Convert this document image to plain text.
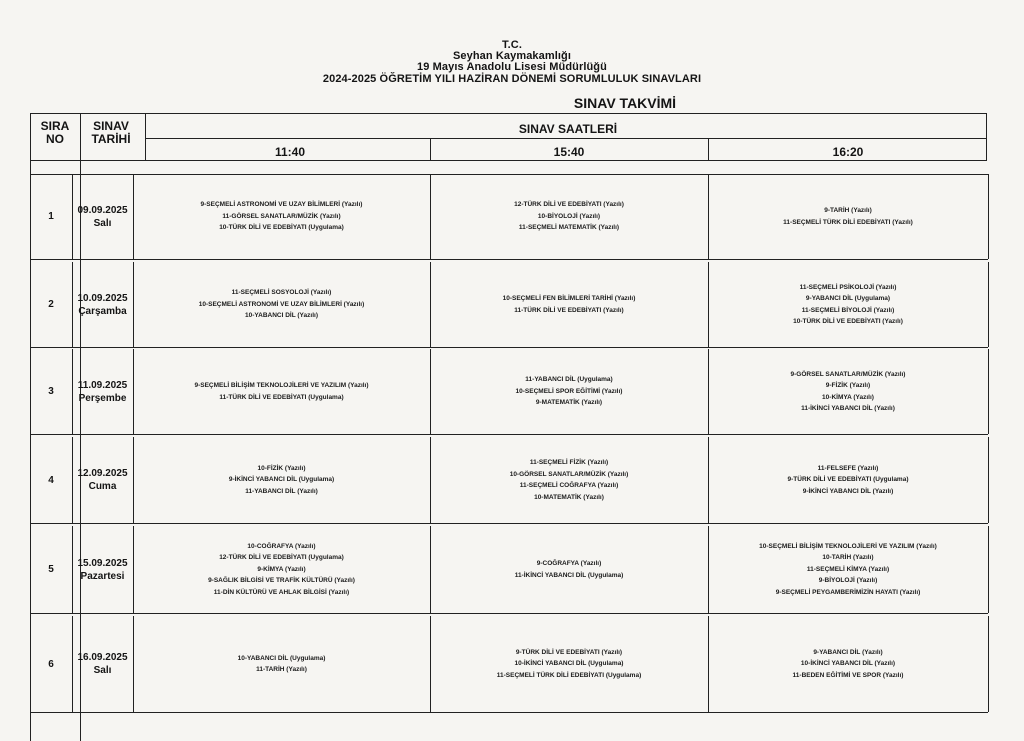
T.C.
Seyhan Kaymakamlığı
19 Mayıs Anadolu Lisesi Müdürlüğü
2024-2025 ÖĞRETİM YILI HAZİRAN DÖNEMİ SORUMLULUK SINAVLARI
SINAV TAKVİMİ
SIRA
NO
SINAV
TARİHİ
SINAV SAATLERİ
11:40	15:40	16:20
1
09.09.2025
Salı
9-SEÇMELİ ASTRONOMİ VE UZAY BİLİMLERİ (Yazılı)
11-GÖRSEL SANATLAR/MÜZİK (Yazılı)
10-TÜRK DİLİ VE EDEBİYATI (Uygulama)
12-TÜRK DİLİ VE EDEBİYATI (Yazılı)
10-BİYOLOJİ (Yazılı)
11-SEÇMELİ MATEMATİK (Yazılı)
9-TARİH (Yazılı)
11-SEÇMELİ TÜRK DİLİ EDEBİYATI (Yazılı)
2
10.09.2025
Çarşamba
11-SEÇMELİ SOSYOLOJİ (Yazılı)
10-SEÇMELİ ASTRONOMİ VE UZAY BİLİMLERİ (Yazılı)
10-YABANCI DİL (Yazılı)
10-SEÇMELİ FEN BİLİMLERİ TARİHİ (Yazılı)
11-TÜRK DİLİ VE EDEBİYATI (Yazılı)
11-SEÇMELİ PSİKOLOJİ (Yazılı)
9-YABANCI DİL (Uygulama)
11-SEÇMELİ BİYOLOJİ (Yazılı)
10-TÜRK DİLİ VE EDEBİYATI (Yazılı)
3
11.09.2025
Perşembe
9-SEÇMELİ BİLİŞİM TEKNOLOJİLERİ VE YAZILIM (Yazılı)
11-TÜRK DİLİ VE EDEBİYATI (Uygulama)
11-YABANCI DİL (Uygulama)
10-SEÇMELİ SPOR EĞİTİMİ (Yazılı)
9-MATEMATİK (Yazılı)
9-GÖRSEL SANATLAR/MÜZİK (Yazılı)
9-FİZİK (Yazılı)
10-KİMYA (Yazılı)
11-İKİNCİ YABANCI DİL (Yazılı)
4
12.09.2025
Cuma
10-FİZİK (Yazılı)
9-İKİNCİ YABANCI DİL (Uygulama)
11-YABANCI DİL (Yazılı)
11-SEÇMELİ FİZİK (Yazılı)
10-GÖRSEL SANATLAR/MÜZİK (Yazılı)
11-SEÇMELİ COĞRAFYA (Yazılı)
10-MATEMATİK (Yazılı)
11-FELSEFE (Yazılı)
9-TÜRK DİLİ VE EDEBİYATI (Uygulama)
9-İKİNCİ YABANCI DİL (Yazılı)
5
15.09.2025
Pazartesi
10-COĞRAFYA (Yazılı)
12-TÜRK DİLİ VE EDEBİYATI (Uygulama)
9-KİMYA (Yazılı)
9-SAĞLIK BİLGİSİ VE TRAFİK KÜLTÜRÜ (Yazılı)
11-DİN KÜLTÜRÜ VE AHLAK BİLGİSİ (Yazılı)
9-COĞRAFYA (Yazılı)
11-İKİNCİ YABANCI DİL (Uygulama)
10-SEÇMELİ BİLİŞİM TEKNOLOJİLERİ VE YAZILIM (Yazılı)
10-TARİH (Yazılı)
11-SEÇMELİ KİMYA (Yazılı)
9-BİYOLOJİ (Yazılı)
9-SEÇMELİ PEYGAMBERİMİZİN HAYATI (Yazılı)
6
16.09.2025
Salı
10-YABANCI DİL (Uygulama)
11-TARİH (Yazılı)
9-TÜRK DİLİ VE EDEBİYATI (Yazılı)
10-İKİNCİ YABANCI DİL (Uygulama)
11-SEÇMELİ TÜRK DİLİ EDEBİYATI (Uygulama)
9-YABANCI DİL (Yazılı)
10-İKİNCİ YABANCI DİL (Yazılı)
11-BEDEN EĞİTİMİ VE SPOR (Yazılı)
